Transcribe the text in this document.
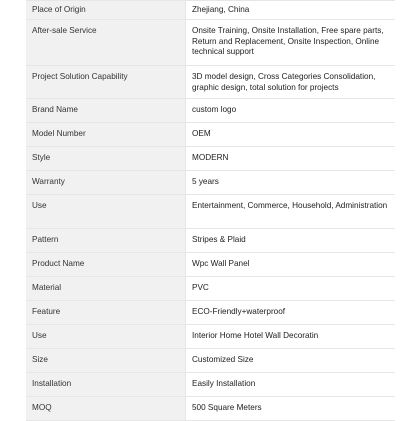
Place of Origin	Zhejiang, China
After-sale Service	Onsite Training, Onsite Installation, Free spare parts, Return and Replacement, Onsite Inspection, Online technical support
Project Solution Capability	3D model design, Cross Categories Consolidation, graphic design, total solution for projects
Brand Name	custom logo
Model Number	OEM
Style	MODERN
Warranty	5 years
Use	Entertainment, Commerce, Household, Administration
Pattern	Stripes & Plaid
Product Name	Wpc Wall Panel
Material	PVC
Feature	ECO-Friendly+waterproof
Use	Interior Home Hotel Wall Decoratin
Size	Customized Size
Installation	Easily Installation
MOQ	500 Square Meters
